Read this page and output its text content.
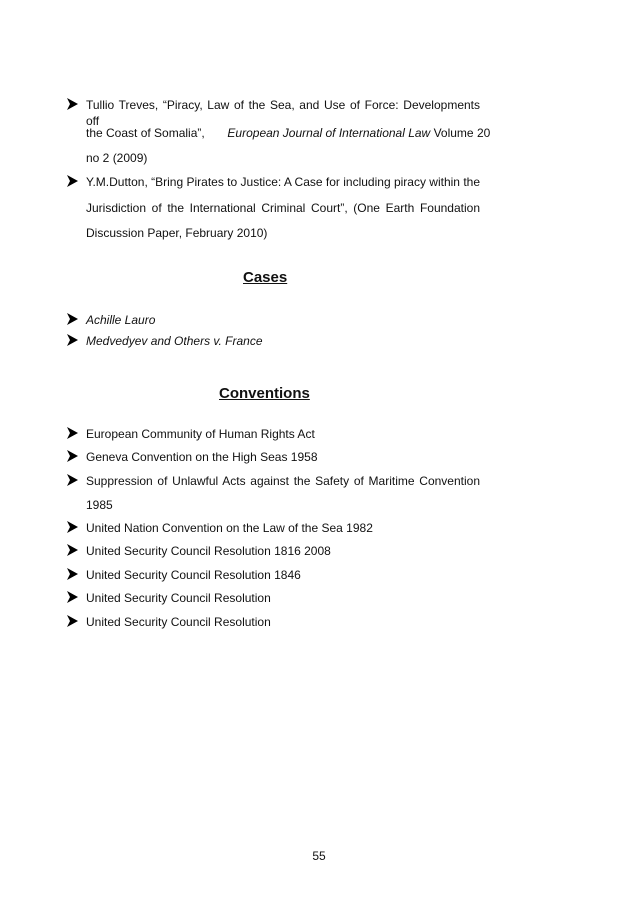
Tullio Treves, “Piracy, Law of the Sea, and Use of Force: Developments off
the Coast of Somalia”, European Journal of International Law Volume 20
no 2 (2009)
Y.M.Dutton, “Bring Pirates to Justice: A Case for including piracy within the
Jurisdiction of the International Criminal Court”, (One Earth Foundation
Discussion Paper, February 2010)
Cases
Achille Lauro
Medvedyev and Others v. France
Conventions
European Community of Human Rights Act
Geneva Convention on the High Seas 1958
Suppression of Unlawful Acts against the Safety of Maritime Convention
1985
United Nation Convention on the Law of the Sea 1982
United Security Council Resolution 1816 2008
United Security Council Resolution 1846
United Security Council Resolution
United Security Council Resolution
55
